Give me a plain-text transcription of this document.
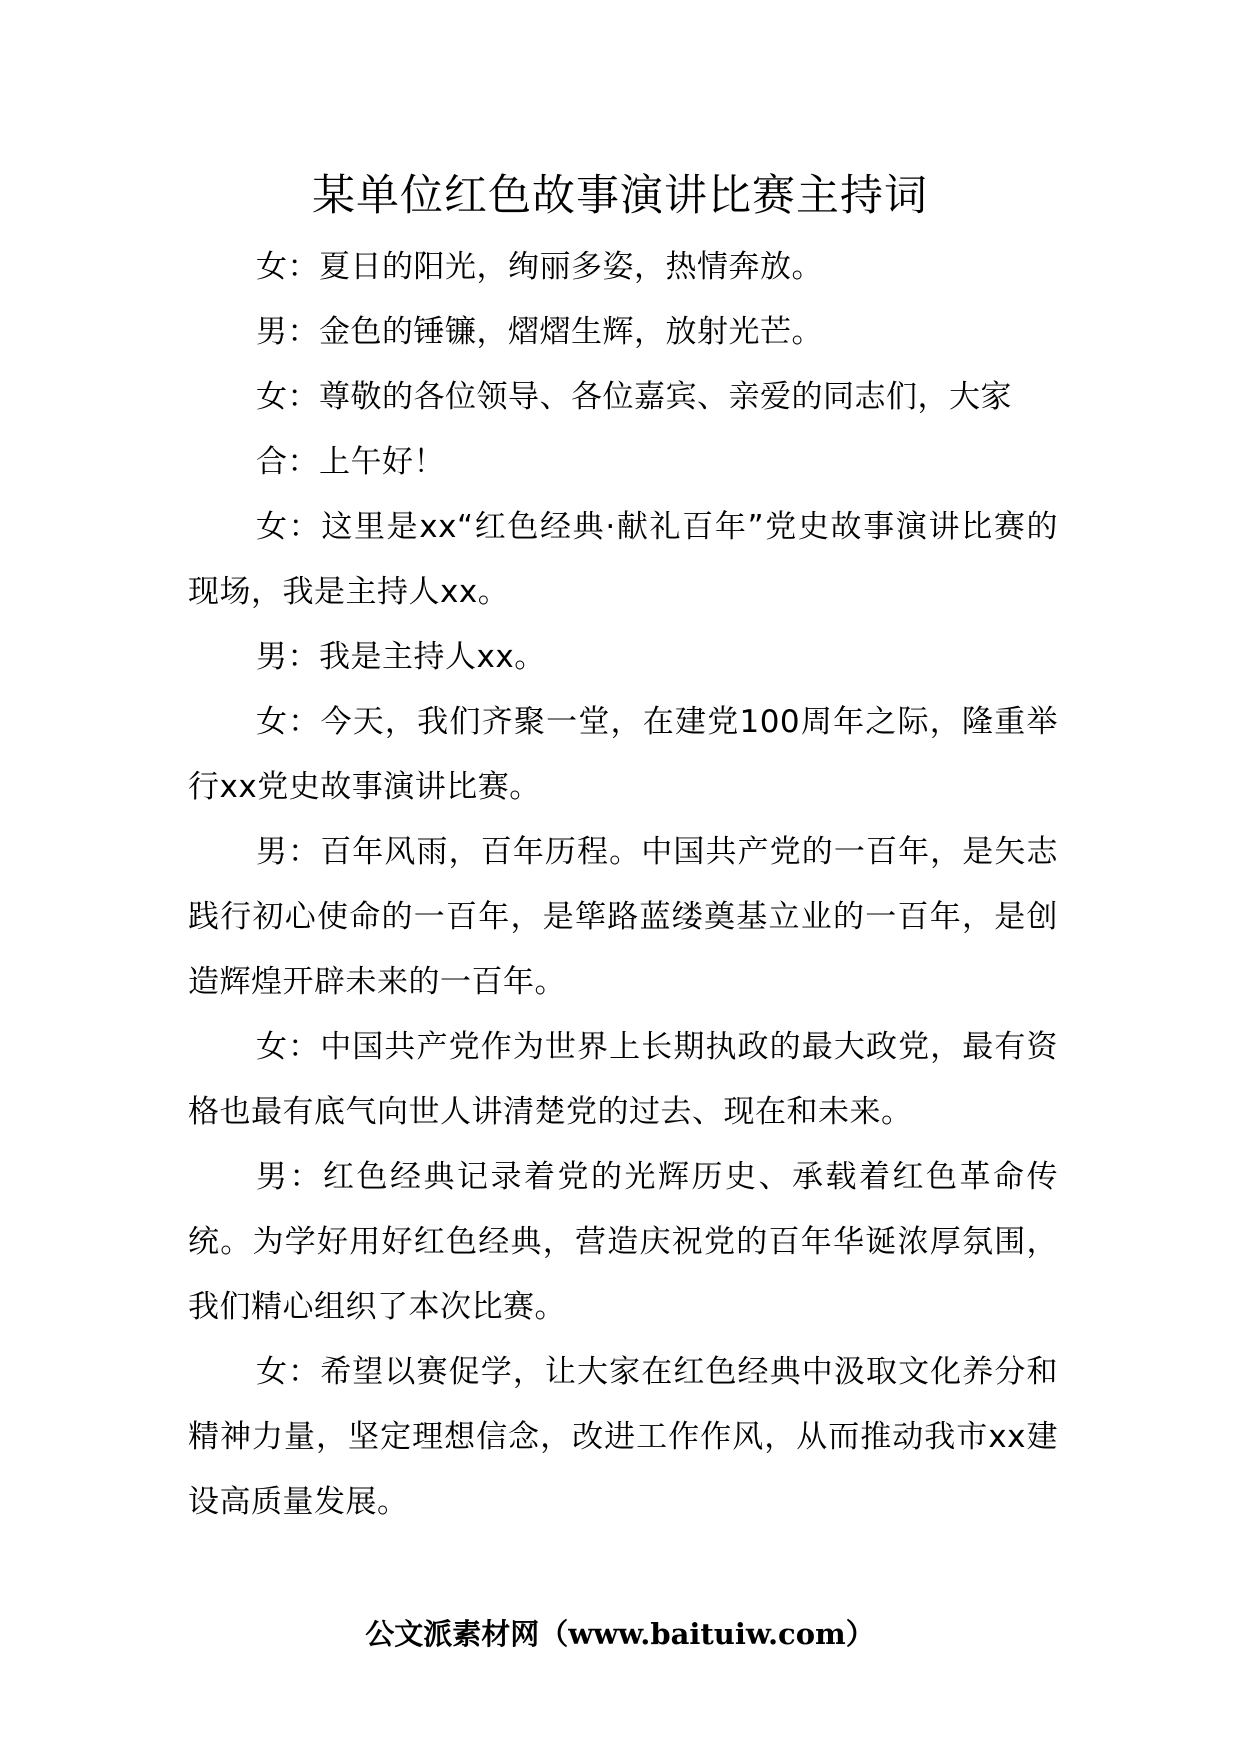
某单位红色故事演讲比赛主持词

女：夏日的阳光，绚丽多姿，热情奔放。

男：金色的锤镰，熠熠生辉，放射光芒。

女：尊敬的各位领导、各位嘉宾、亲爱的同志们，大家

合：上午好！

女：这里是xx“红色经典·献礼百年”党史故事演讲比赛的现场，我是主持人xx。

男：我是主持人xx。

女：今天，我们齐聚一堂，在建党100周年之际，隆重举行xx党史故事演讲比赛。

男：百年风雨，百年历程。中国共产党的一百年，是矢志践行初心使命的一百年，是筚路蓝缕奠基立业的一百年，是创造辉煌开辟未来的一百年。

女：中国共产党作为世界上长期执政的最大政党，最有资格也最有底气向世人讲清楚党的过去、现在和未来。

男：红色经典记录着党的光辉历史、承载着红色革命传统。为学好用好红色经典，营造庆祝党的百年华诞浓厚氛围，我们精心组织了本次比赛。

女：希望以赛促学，让大家在红色经典中汲取文化养分和精神力量，坚定理想信念，改进工作作风，从而推动我市xx建设高质量发展。

公文派素材网（www.baituiw.com）
